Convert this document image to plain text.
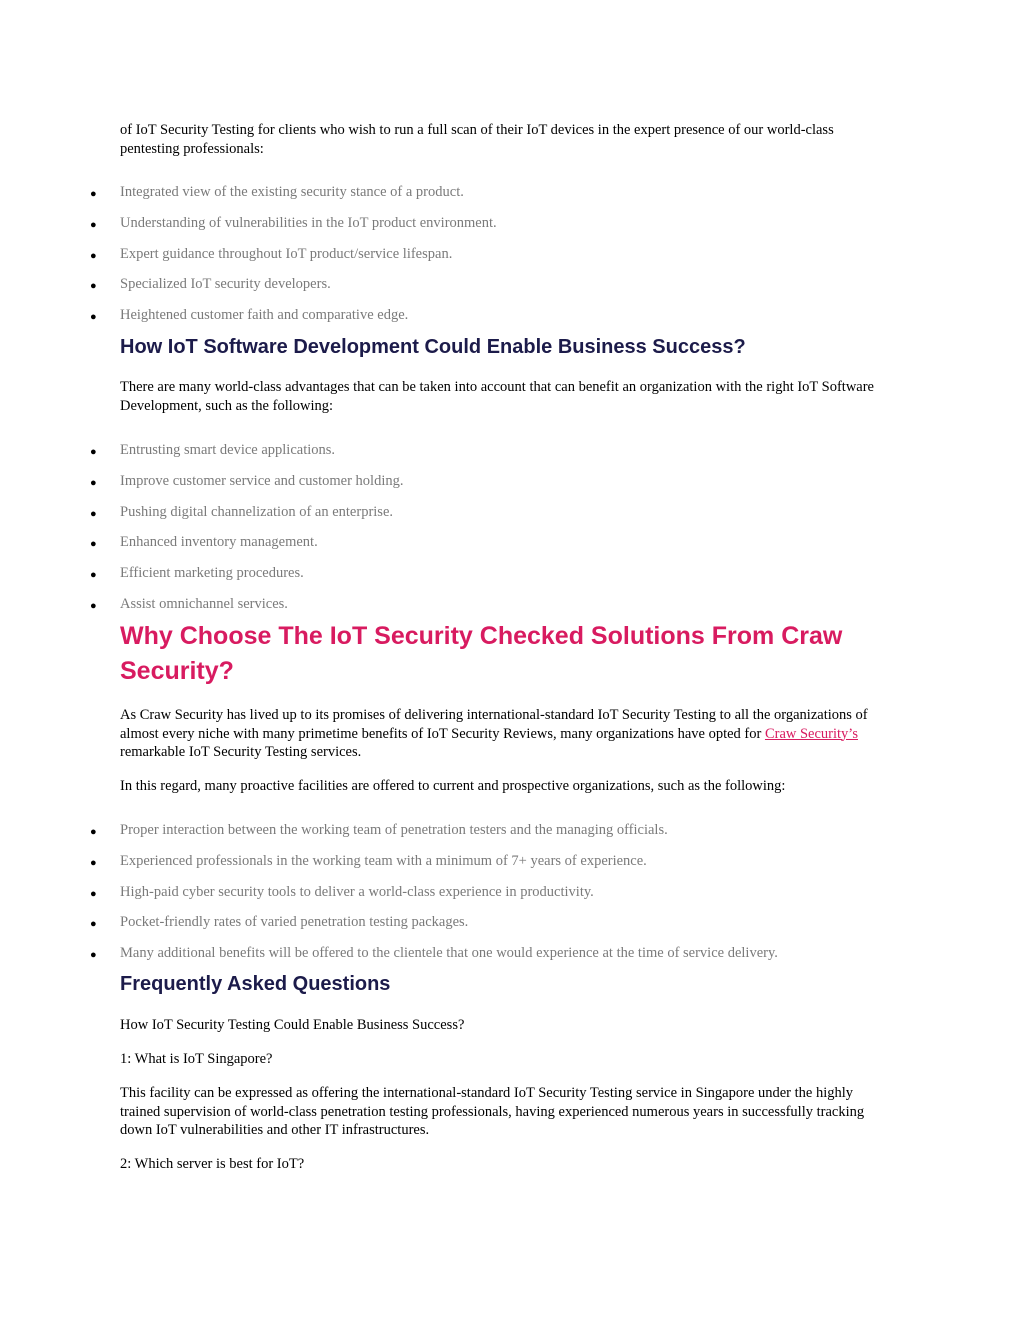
of IoT Security Testing for clients who wish to run a full scan of their IoT devices in the expert presence of our world-class pentesting professionals:

● Integrated view of the existing security stance of a product.
● Understanding of vulnerabilities in the IoT product environment.
● Expert guidance throughout IoT product/service lifespan.
● Specialized IoT security developers.
● Heightened customer faith and comparative edge.
How IoT Software Development Could Enable Business Success?

There are many world-class advantages that can be taken into account that can benefit an organization with the right IoT Software Development, such as the following:

● Entrusting smart device applications.
● Improve customer service and customer holding.
● Pushing digital channelization of an enterprise.
● Enhanced inventory management.
● Efficient marketing procedures.
● Assist omnichannel services.
Why Choose The IoT Security Checked Solutions From Craw Security?

As Craw Security has lived up to its promises of delivering international-standard IoT Security Testing to all the organizations of almost every niche with many primetime benefits of IoT Security Reviews, many organizations have opted for Craw Security’s remarkable IoT Security Testing services.

In this regard, many proactive facilities are offered to current and prospective organizations, such as the following:

● Proper interaction between the working team of penetration testers and the managing officials.
● Experienced professionals in the working team with a minimum of 7+ years of experience.
● High-paid cyber security tools to deliver a world-class experience in productivity.
● Pocket-friendly rates of varied penetration testing packages.
● Many additional benefits will be offered to the clientele that one would experience at the time of service delivery.
Frequently Asked Questions

How IoT Security Testing Could Enable Business Success?

1: What is IoT Singapore?

This facility can be expressed as offering the international-standard IoT Security Testing service in Singapore under the highly trained supervision of world-class penetration testing professionals, having experienced numerous years in successfully tracking down IoT vulnerabilities and other IT infrastructures.

2: Which server is best for IoT?
